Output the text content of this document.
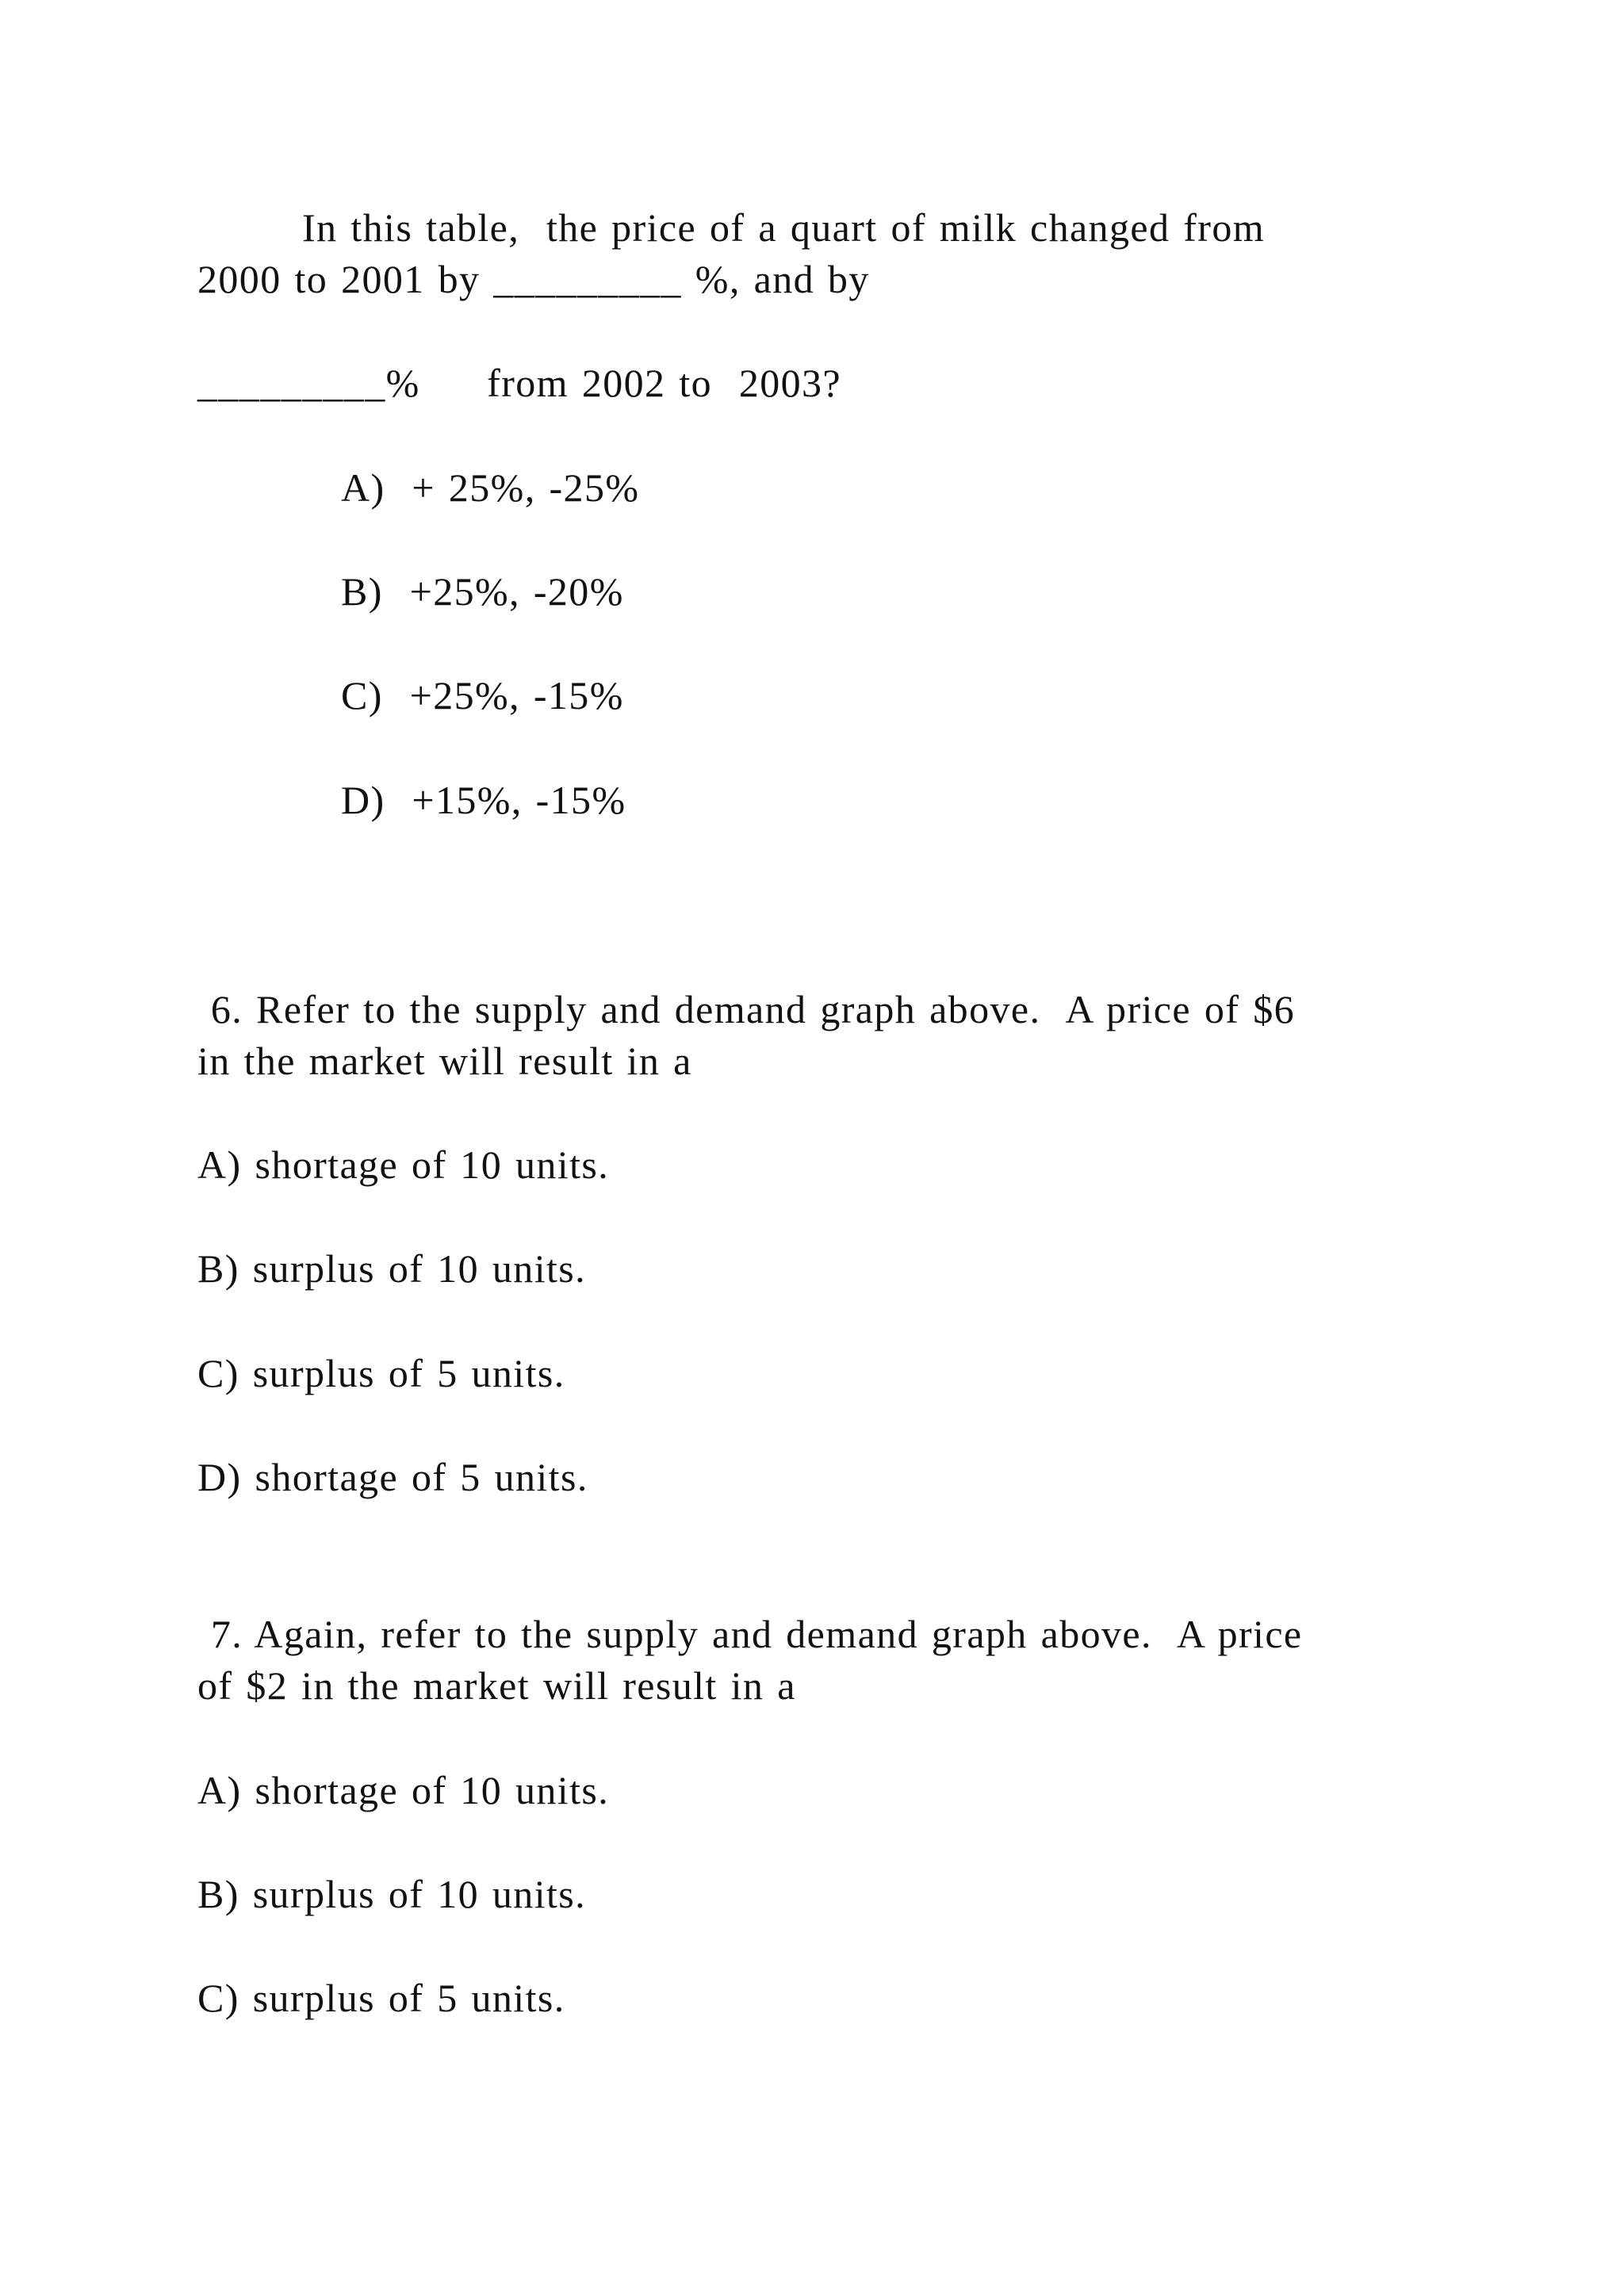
In this table,  the price of a quart of milk changed from

2000 to 2001 by _________ %, and by

_________%     from 2002 to  2003?

A)  + 25%, -25%

B)  +25%, -20%

C)  +25%, -15%

D)  +15%, -15%

6. Refer to the supply and demand graph above.  A price of $6

in the market will result in a

A) shortage of 10 units.

B) surplus of 10 units.

C) surplus of 5 units.

D) shortage of 5 units.

7. Again, refer to the supply and demand graph above.  A price

of $2 in the market will result in a

A) shortage of 10 units.

B) surplus of 10 units.

C) surplus of 5 units.
